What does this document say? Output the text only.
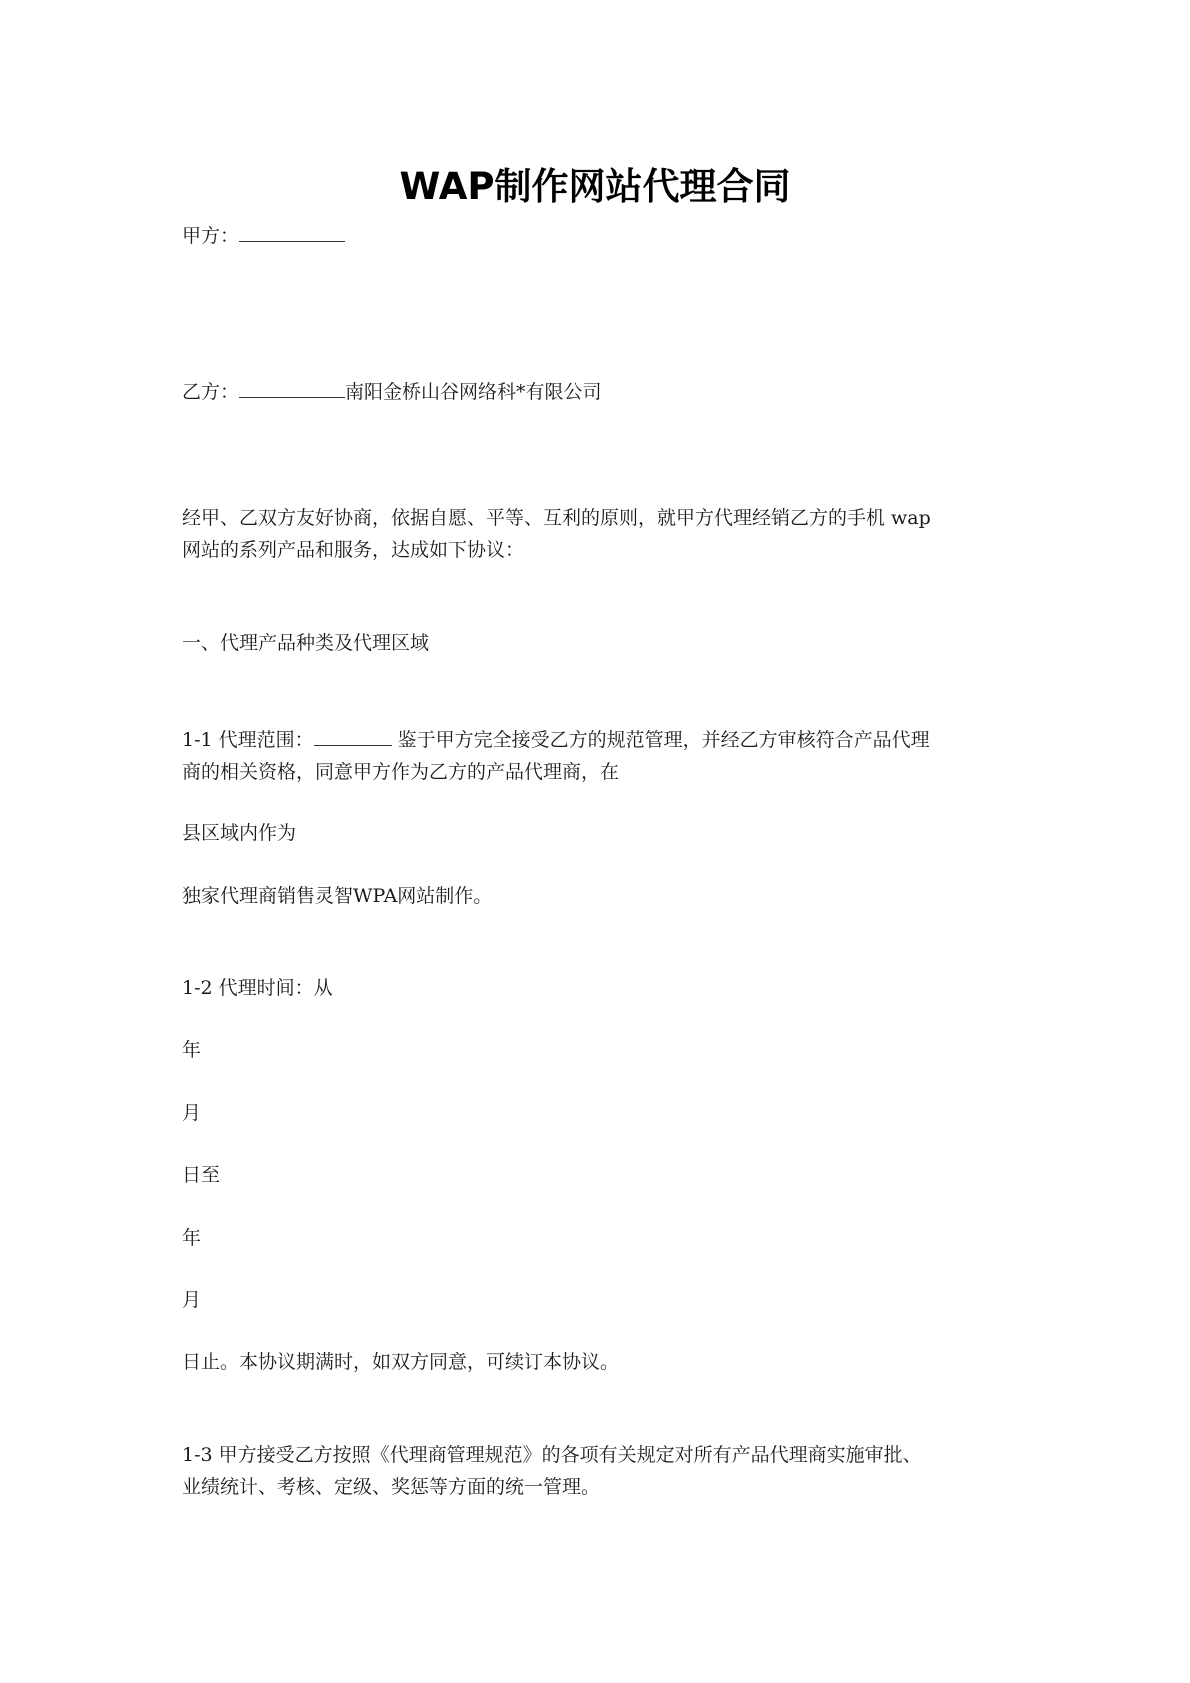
WAP制作网站代理合同
甲方：
乙方：	南阳金桥山谷网络科*有限公司
经甲、乙双方友好协商，依据自愿、平等、互利的原则，就甲方代理经销乙方的手机 wap
网站的系列产品和服务，达成如下协议：
一、代理产品种类及代理区域
1-1 代理范围：	鉴于甲方完全接受乙方的规范管理，并经乙方审核符合产品代理
商的相关资格，同意甲方作为乙方的产品代理商，在
县区域内作为
独家代理商销售灵智WPA网站制作。
1-2 代理时间：从
年
月
日至
年
月
日止。本协议期满时，如双方同意，可续订本协议。
1-3 甲方接受乙方按照《代理商管理规范》的各项有关规定对所有产品代理商实施审批、
业绩统计、考核、定级、奖惩等方面的统一管理。
